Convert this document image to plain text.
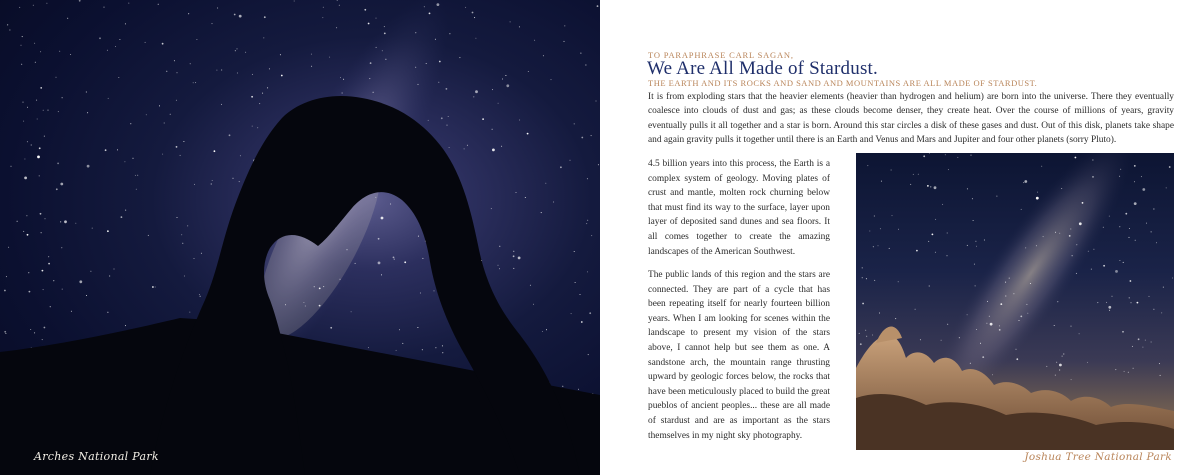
Arches National Park
TO PARAPHRASE CARL SAGAN,
We Are All Made of Stardust.
THE EARTH AND ITS ROCKS AND SAND AND MOUNTAINS ARE ALL MADE OF STARDUST.

It is from exploding stars that the heavier elements (heavier than hydrogen and helium) are born into the universe. There they eventually coalesce into clouds of dust and gas; as these clouds become denser, they create heat. Over the course of millions of years, gravity eventually pulls it all together and a star is born. Around this star circles a disk of these gases and dust. Out of this disk, planets take shape and again gravity pulls it together until there is an Earth and Venus and Mars and Jupiter and four other planets (sorry Pluto).

4.5 billion years into this process, the Earth is a complex system of geology. Moving plates of crust and mantle, molten rock churning below that must find its way to the surface, layer upon layer of deposited sand dunes and sea floors. It all comes together to create the amazing landscapes of the American Southwest.

The public lands of this region and the stars are connected. They are part of a cycle that has been repeating itself for nearly fourteen billion years. When I am looking for scenes within the landscape to present my vision of the stars above, I cannot help but see them as one. A sandstone arch, the mountain range thrusting upward by geologic forces below, the rocks that have been meticulously placed to build the great pueblos of ancient peoples... these are all made of stardust and are as important as the stars themselves in my night sky photography.

Joshua Tree National Park
